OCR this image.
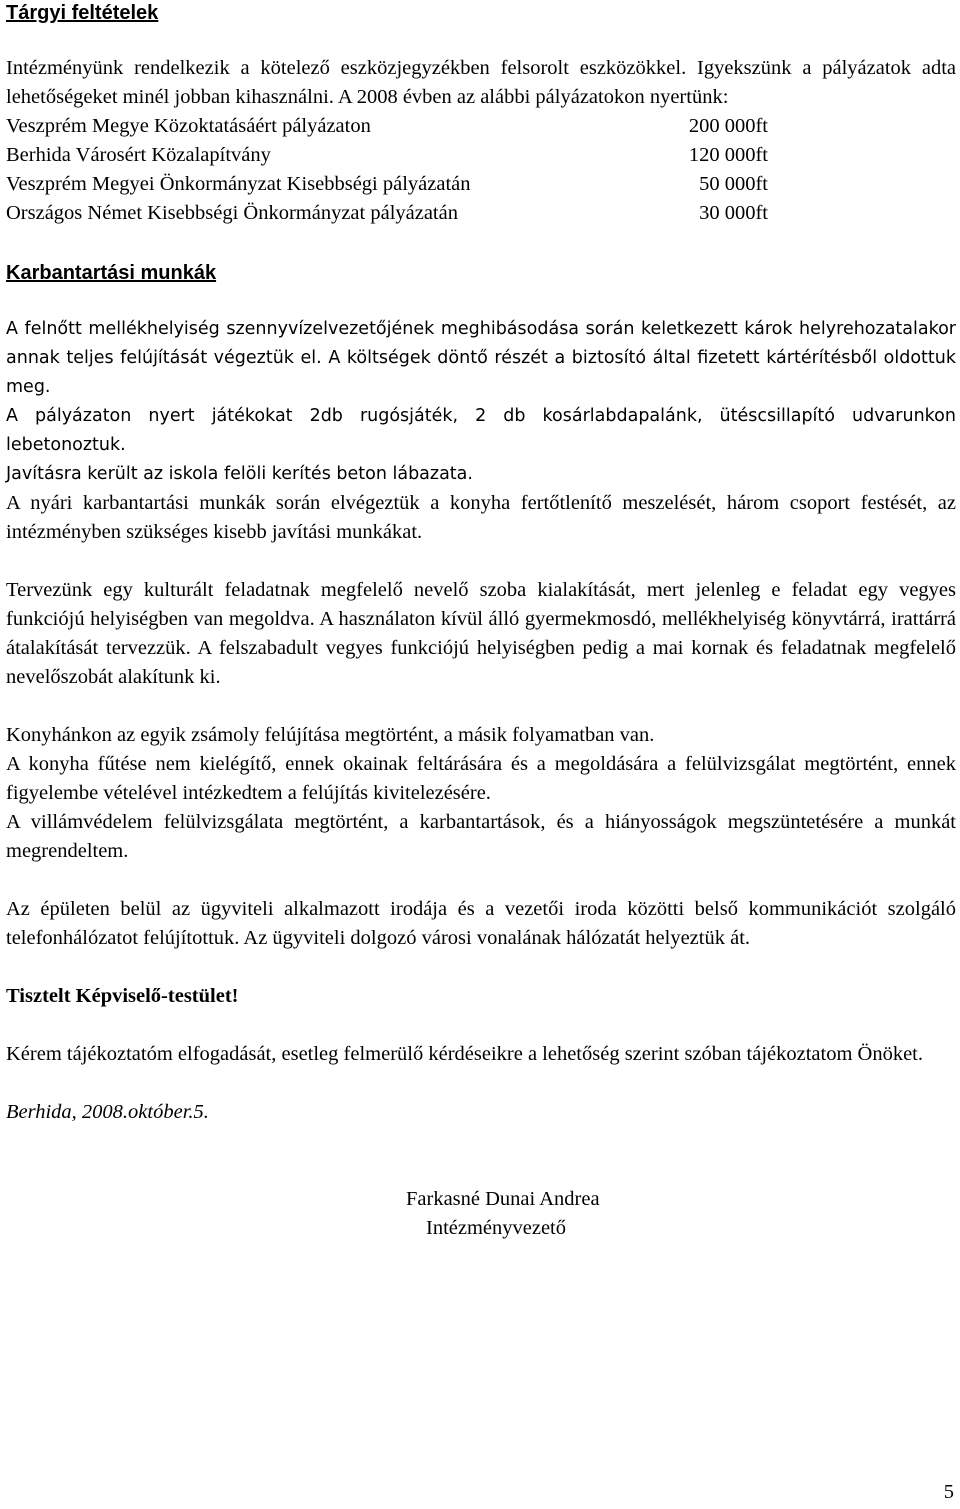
Tárgyi feltételek

Intézményünk rendelkezik a kötelező eszközjegyzékben felsorolt eszközökkel. Igyekszünk a pályázatok adta lehetőségeket minél jobban kihasználni. A 2008 évben az alábbi pályázatokon nyertünk:

Veszprém Megye Közoktatásáért pályázaton	200 000ft
Berhida Városért Közalapítvány	120 000ft
Veszprém Megyei Önkormányzat Kisebbségi pályázatán	50 000ft
Országos Német Kisebbségi Önkormányzat pályázatán	30 000ft
Karbantartási munkák

A felnőtt mellékhelyiség szennyvízelvezetőjének meghibásodása során keletkezett károk helyrehozatalakor annak teljes felújítását végeztük el. A költségek döntő részét a biztosító által fizetett kártérítésből oldottuk meg.

A pályázaton nyert játékokat 2db rugósjáték, 2 db kosárlabdapalánk, ütéscsillapító udvarunkon lebetonoztuk.

Javításra került az iskola felöli kerítés beton lábazata.

A nyári karbantartási munkák során elvégeztük a konyha fertőtlenítő meszelését, három csoport festését, az intézményben szükséges kisebb javítási munkákat.

Tervezünk egy kulturált feladatnak megfelelő nevelő szoba kialakítását, mert jelenleg e feladat egy vegyes funkciójú helyiségben van megoldva. A használaton kívül álló gyermekmosdó, mellékhelyiség könyvtárrá, irattárrá átalakítását tervezzük. A felszabadult vegyes funkciójú helyiségben pedig a mai kornak és feladatnak megfelelő nevelőszobát alakítunk ki.

Konyhánkon az egyik zsámoly felújítása megtörtént, a másik folyamatban van.

A konyha fűtése nem kielégítő, ennek okainak feltárására és a megoldására a felülvizsgálat megtörtént, ennek figyelembe vételével intézkedtem a felújítás kivitelezésére.

A villámvédelem felülvizsgálata megtörtént, a karbantartások, és a hiányosságok megszüntetésére a munkát megrendeltem.

Az épületen belül az ügyviteli alkalmazott irodája és a vezetői iroda közötti belső kommunikációt szolgáló telefonhálózatot felújítottuk. Az ügyviteli dolgozó városi vonalának hálózatát helyeztük át.

Tisztelt Képviselő-testület!

Kérem tájékoztatóm elfogadását, esetleg felmerülő kérdéseikre a lehetőség szerint szóban tájékoztatom Önöket.

Berhida, 2008.október.5.

Farkasné Dunai Andrea
Intézményvezető
5
